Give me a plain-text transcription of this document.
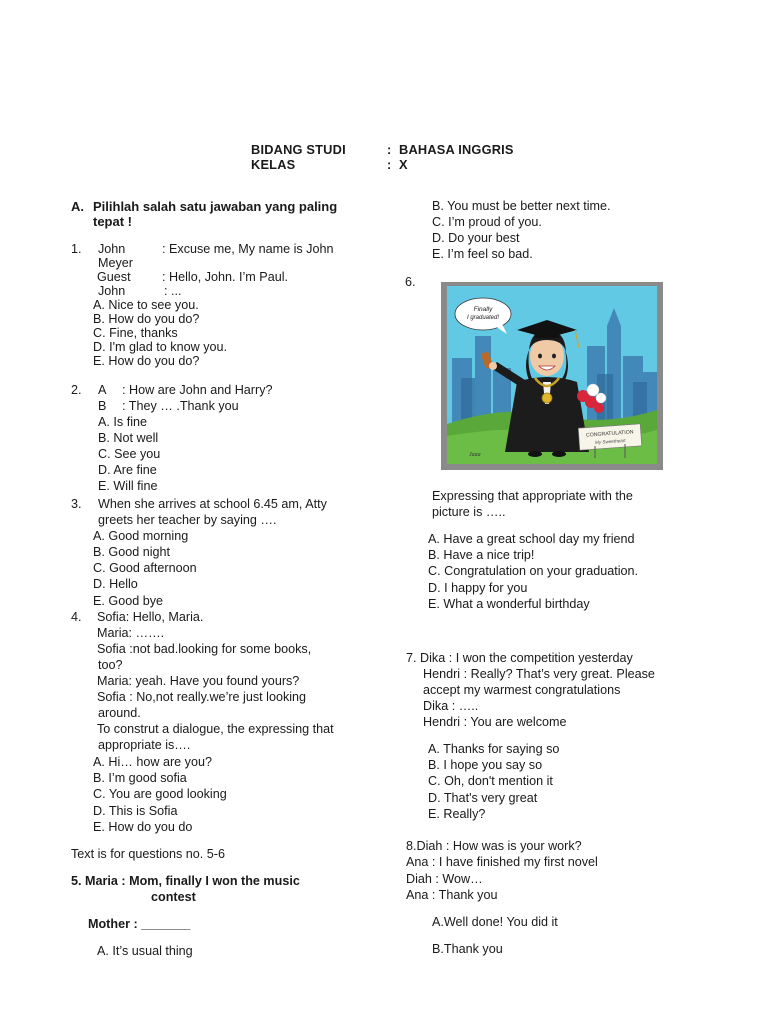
BIDANG STUDI	: BAHASA INGGRIS
KELAS	: X
A. Pilihlah salah satu jawaban yang paling
tepat !
1. John	: Excuse me, My name is John
Meyer
Guest : Hello, John. I’m Paul.
John	: ...
A. Nice to see you.
B. How do you do?
C. Fine, thanks
D. I'm glad to know you.
E. How do you do?
2. A : How are John and Harry?
B : They … .Thank you
A. Is fine
B. Not well
C. See you
D. Are fine
E. Will fine
3. When she arrives at school 6.45 am, Atty
greets her teacher by saying ….
A. Good morning
B. Good night
C. Good afternoon
D. Hello
E. Good bye
4. Sofia: Hello, Maria.
Maria: …….
Sofia :not bad.looking for some books,
too?
Maria: yeah. Have you found yours?
Sofia : No,not really.we’re just looking
around.
To construt a dialogue, the expressing that
appropriate is….
A. Hi… how are you?
B. I’m good sofia
C. You are good looking
D. This is Sofia
E. How do you do
Text is for questions no. 5-6
5. Maria : Mom, finally I won the music
contest
Mother : _______
A. It’s usual thing
B. You must be better next time.
C. I’m proud of you.
D. Do your best
E. I’m feel so bad.
6.
Finally
I graduated!
CONGRATULATION
My Sweetheart
Jaaa
Expressing that appropriate with the
picture is …..
A. Have a great school day my friend
B. Have a nice trip!
C. Congratulation on your graduation.
D. I happy for you
E. What a wonderful birthday
7. Dika : I won the competition yesterday
Hendri : Really? That’s very great. Please
accept my warmest congratulations
Dika : …..
Hendri : You are welcome
A. Thanks for saying so
B. I hope you say so
C. Oh, don't mention it
D. That's very great
E. Really?
8.Diah : How was is your work?
Ana : I have finished my first novel
Diah : Wow…
Ana : Thank you
A.Well done! You did it
B.Thank you
